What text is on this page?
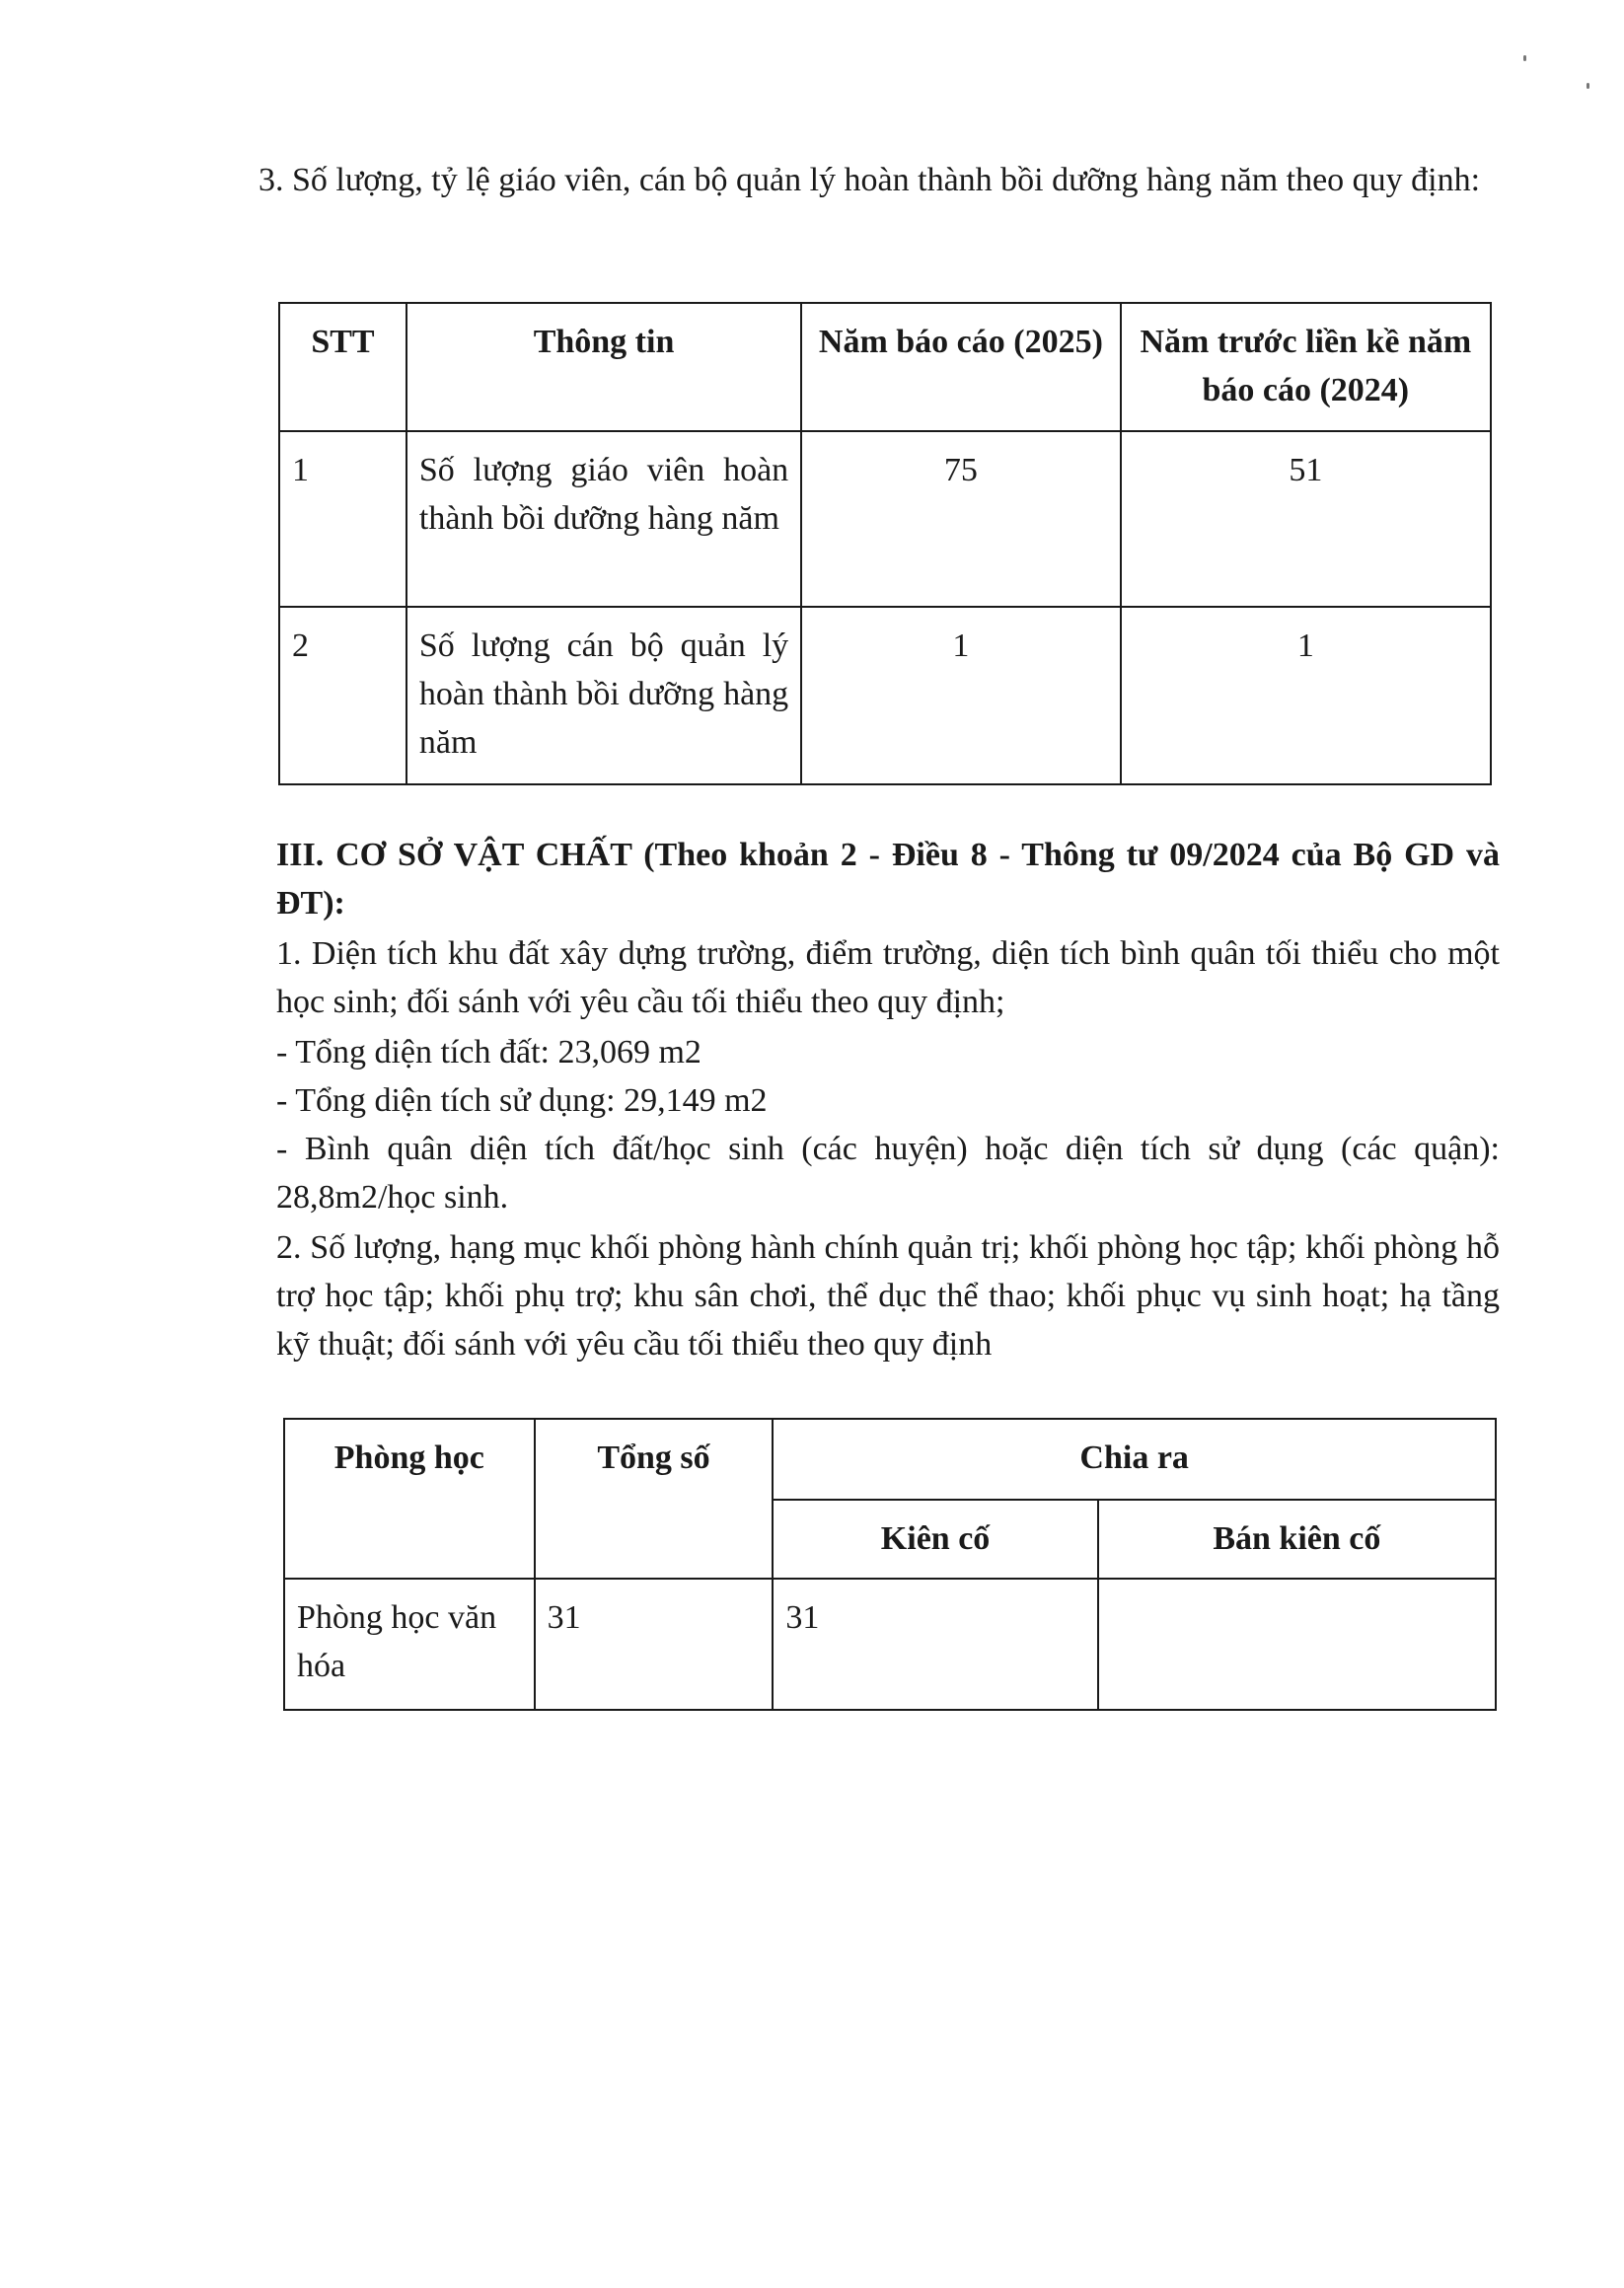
3. Số lượng, tỷ lệ giáo viên, cán bộ quản lý hoàn thành bồi dưỡng hàng năm theo quy định:

STT	Thông tin	Năm báo cáo (2025)	Năm trước liền kề năm báo cáo (2024)
1	Số lượng giáo viên hoàn thành bồi dưỡng hàng năm	75	51
2	Số lượng cán bộ quản lý hoàn thành bồi dưỡng hàng năm	1	1

III. CƠ SỞ VẬT CHẤT (Theo khoản 2 - Điều 8 - Thông tư 09/2024 của Bộ GD và ĐT):

1. Diện tích khu đất xây dựng trường, điểm trường, diện tích bình quân tối thiểu cho một học sinh; đối sánh với yêu cầu tối thiểu theo quy định;

- Tổng diện tích đất: 23,069 m2

- Tổng diện tích sử dụng: 29,149 m2

- Bình quân diện tích đất/học sinh (các huyện) hoặc diện tích sử dụng (các quận): 28,8m2/học sinh.

2. Số lượng, hạng mục khối phòng hành chính quản trị; khối phòng học tập; khối phòng hỗ trợ học tập; khối phụ trợ; khu sân chơi, thể dục thể thao; khối phục vụ sinh hoạt; hạ tầng kỹ thuật; đối sánh với yêu cầu tối thiểu theo quy định

Phòng học	Tổng số	Chia ra	
		Kiên cố	Bán kiên cố
Phòng học văn hóa	31	31	
